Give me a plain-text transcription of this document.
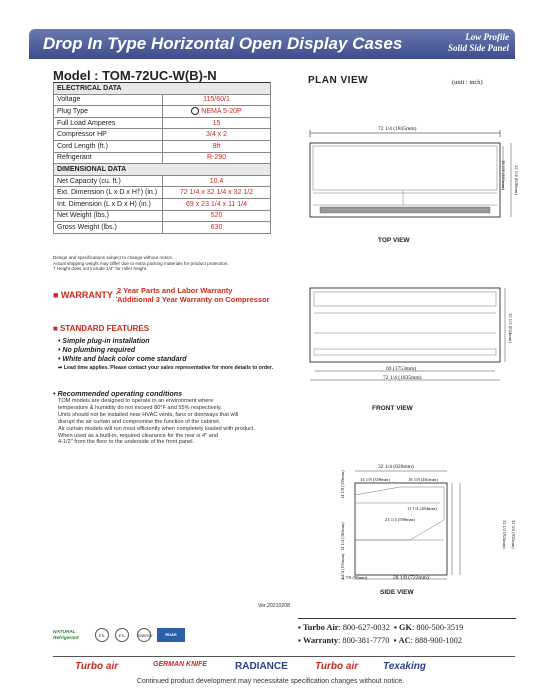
Drop In Type Horizontal Open Display Cases	Low Profile
Solid Side Panel
Model : TOM-72UC-W(B)-N
ELECTRICAL DATA	
Voltage	115/60/1
Plug Type	NEMA 5-20P
Full Load Amperes	15
Compressor HP	3/4 x 2
Cord Length (ft.)	9ft
Refrigerant	R-290
DIMENSIONAL DATA	
Net Capacity (cu. ft.)	10.4
Ext. Dimension (L x D x H†) (in.)	72 1/4 x 32 1/4 x 32 1/2
Int. Dimension (L x D x H) (in.)	69 x 23 1/4 x 11 1/4
Net Weight (lbs.)	520
Gross Weight (lbs.)	630
Design and specifications subject to change without notice.
Actual shipping weight may differ due to extra packing materials for product protection.
† Height does not include 1/4" for roller height.
■ WARRANTY :
2 Year Parts and Labor Warranty
Additional 3 Year Warranty on Compressor
■ STANDARD FEATURES
• Simple plug-in installation
• No plumbing required
• White and black color come standard
➡ Lead time applies. Please contact your sales representative for more details to order.
• Recommended operating conditions
TOM models are designed to operate in an environment where
temperature & humidity do not exceed 80°F and 55% respectively.
Units should not be installed near HVAC vents, fans or doorways that will
disrupt the air curtain and compromise the function of the cabinet.
Air curtain models will run most efficiently when completely loaded with product.
When used as a built-in, required clearance for the rear is 4" and
4-1/2" from the floor to the underside of the front panel.
PLAN VIEW	(unit : inch)
72 1/4 (1835mm)
18 1/8 (461mm) 32 1/4 (820mm)
TOP VIEW
69 (1753mm)
72 1/4 (1835mm)
32 1/2 (824mm)
FRONT VIEW
32 1/4 (820mm)
14 1/8 (359mm)	18 1/8 (461mm)
11 1/4 (284mm)
23 1/4 (590mm)
14 1/8 (359mm)
14 1/4 (363mm)
4 1/4 (105mm)
3 7/8 (98mm)	28 1/8 (722mm)
32 1/2 (824mm) 32 3/4 (832mm)
SIDE VIEW
Ver.20210208
NATURAL Refrigerant	ETL	ETL	ENERGY	RDAR
▪ Turbo Air: 800-627-0032  ▪ GK: 800-500-3519
▪ Warranty: 800-381-7770  ▪ AC: 888-900-1002
Turbo air	GERMAN KNIFE	RADIANCE	Turbo air Texaking
Continued product development may necessitate specification changes without notice.
